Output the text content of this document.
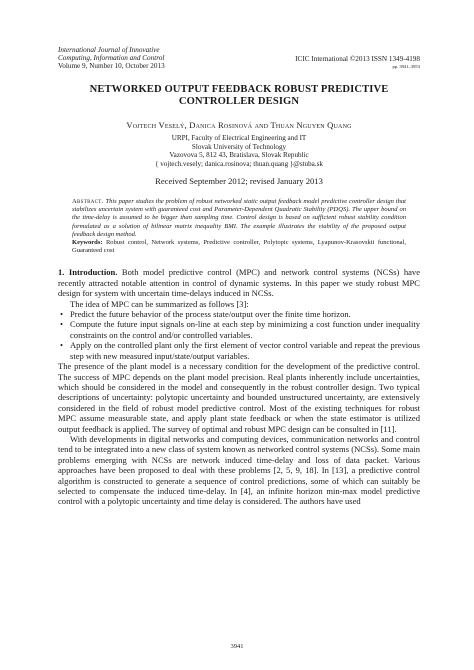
International Journal of Innovative
Computing, Information and Control
Volume 9, Number 10, October 2013
ICIC International ©2013 ISSN 1349-4198
pp. 3941–3953
NETWORKED OUTPUT FEEDBACK ROBUST PREDICTIVE
CONTROLLER DESIGN
Vojtech Veselý, Danica Rosinová and Thuan Nguyen Quang
URPI, Faculty of Electrical Engineering and IT
Slovak University of Technology
Vazovova 5, 812 43, Bratislava, Slovak Republic
{ vojtech.vesely; danica.rosinova; thuan.quang }@stuba.sk
Received September 2012; revised January 2013
Abstract. This paper studies the problem of robust networked static output feedback model predictive controller design that stabilizes uncertain system with guaranteed cost and Parameter-Dependent Quadratic Stability (PDQS). The upper bound on the time-delay is assumed to be bigger than sampling time. Control design is based on sufficient robust stability condition formulated as a solution of bilinear matrix inequality BMI. The example illustrates the viability of the proposed output feedback design method.
Keywords: Robust control, Network systems, Predictive controller, Polytopic systems, Lyapunov-Krasovskii functional, Guaranteed cost

1. Introduction. Both model predictive control (MPC) and network control systems (NCSs) have recently attracted notable attention in control of dynamic systems. In this paper we study robust MPC design for system with uncertain time-delays induced in NCSs.

The idea of MPC can be summarized as follows [3]:

• Predict the future behavior of the process state/output over the finite time horizon.
• Compute the future input signals on-line at each step by minimizing a cost function under inequality constraints on the control and/or controlled variables.
• Apply on the controlled plant only the first element of vector control variable and repeat the previous step with new measured input/state/output variables.

The presence of the plant model is a necessary condition for the development of the predictive control. The success of MPC depends on the plant model precision. Real plants inherently include uncertainties, which should be considered in the model and consequently in the robust controller design. Two typical descriptions of uncertainty: polytopic uncertainty and bounded unstructured uncertainty, are extensively considered in the field of robust model predictive control. Most of the existing techniques for robust MPC assume measurable state, and apply plant state feedback or when the state estimator is utilized output feedback is applied. The survey of optimal and robust MPC design can be consulted in [11].

With developments in digital networks and computing devices, communication networks and control tend to be integrated into a new class of system known as networked control systems (NCSs). Some main problems emerging with NCSs are network induced time-delay and loss of data packet. Various approaches have been proposed to deal with these problems [2, 5, 9, 18]. In [13], a predictive control algorithm is constructed to generate a sequence of control predictions, some of which can suitably be selected to compensate the induced time-delay. In [4], an infinite horizon min-max model predictive control with a polytopic uncertainty and time delay is considered. The authors have used

3941
